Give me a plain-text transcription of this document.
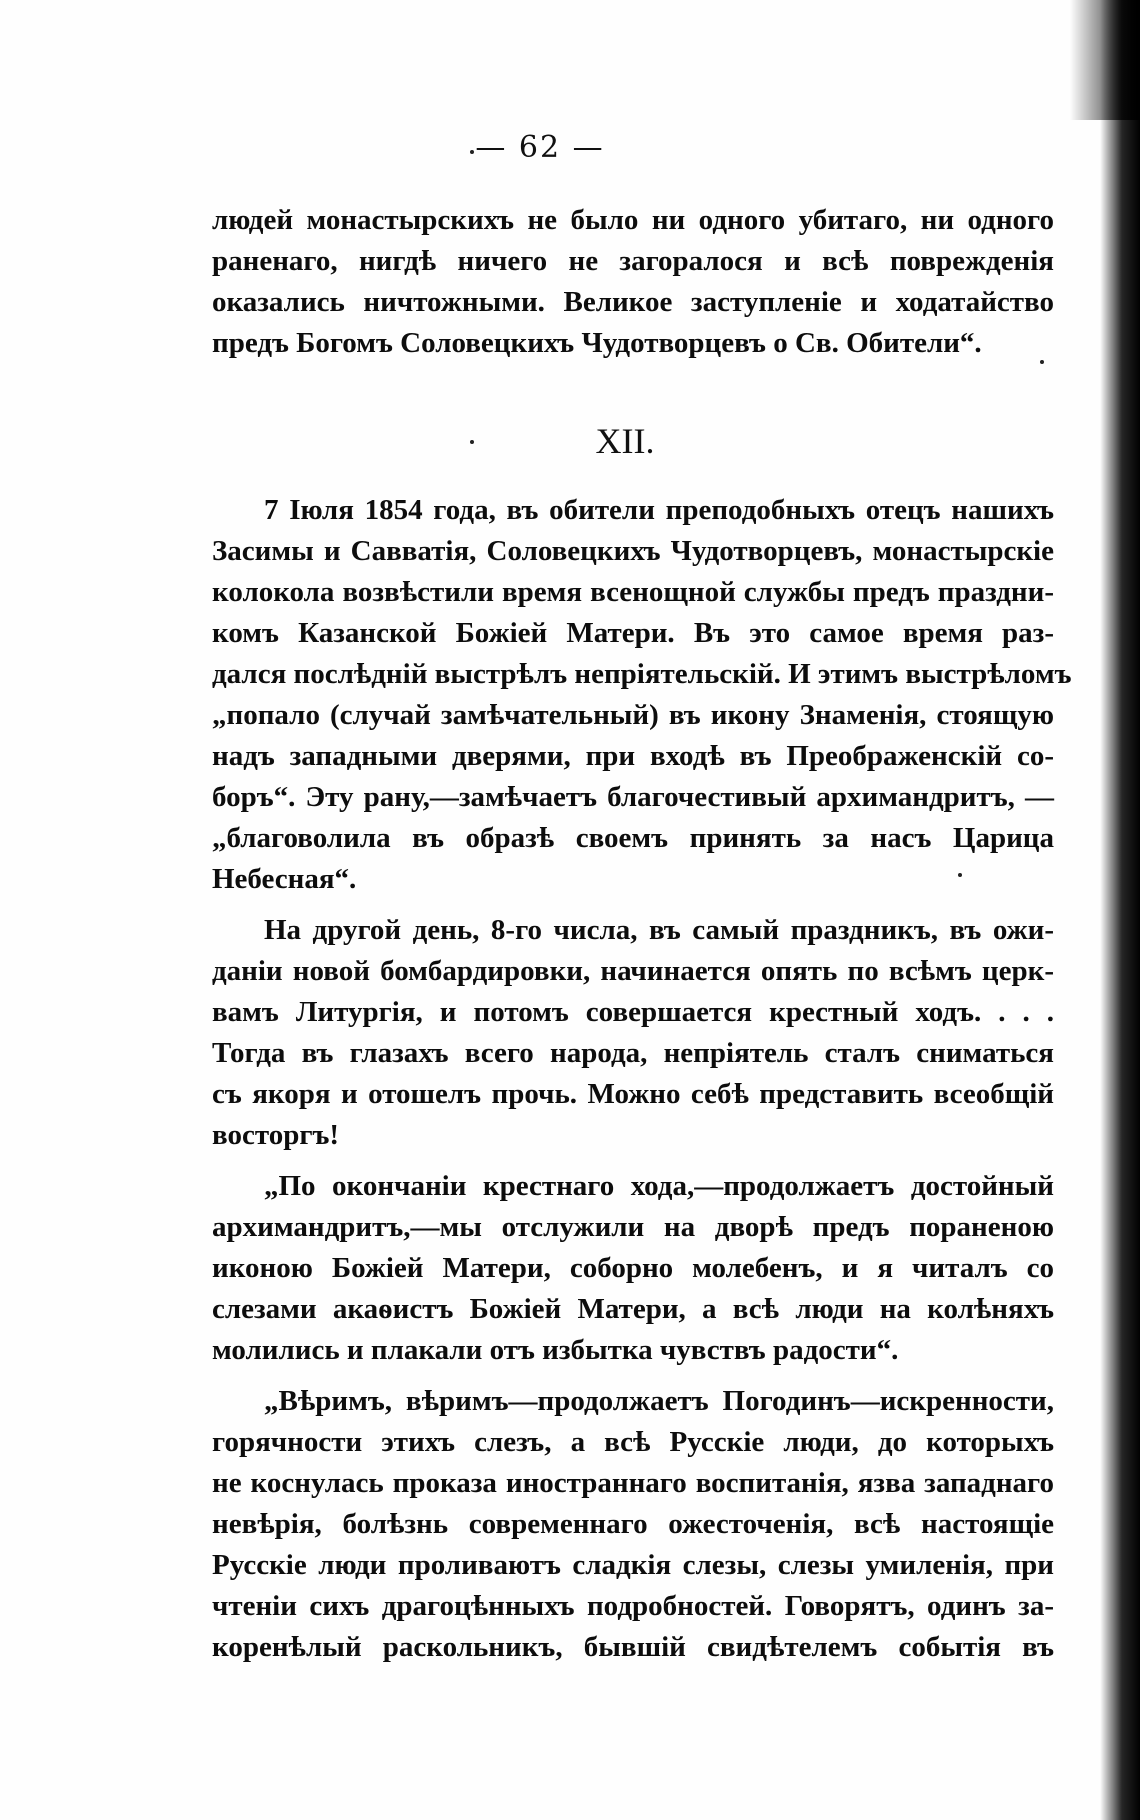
— 62 —
людей монастырскихъ не было ни одного убитаго, ни одного
раненаго, нигдѣ ничего не загоралося и всѣ поврежденія
оказались ничтожными. Великое заступленіе и ходатайство
предъ Богомъ Соловецкихъ Чудотворцевъ о Св. Обители“.
XII.
7 Іюля 1854 года, въ обители преподобныхъ отецъ нашихъ
Засимы и Савватія, Соловецкихъ Чудотворцевъ, монастырскіе
колокола возвѣстили время всенощной службы предъ праздни-
комъ Казанской Божіей Матери. Въ это самое время раз-
дался послѣдній выстрѣлъ непріятельскій. И этимъ выстрѣломъ
„попало (случай замѣчательный) въ икону Знаменія, стоящую
надъ западными дверями, при входѣ въ Преображенскій со-
боръ“. Эту рану,—замѣчаетъ благочестивый архимандритъ, —
„благоволила въ образѣ своемъ принять за насъ Царица
Небесная“.
На другой день, 8-го числа, въ самый праздникъ, въ ожи-
даніи новой бомбардировки, начинается опять по всѣмъ церк-
вамъ Литургія, и потомъ совершается крестный ходъ. . . .
Тогда въ глазахъ всего народа, непріятель сталъ сниматься
съ якоря и отошелъ прочь. Можно себѣ представить всеобщій
восторгъ!
„По окончаніи крестнаго хода,—продолжаетъ достойный
архимандритъ,—мы отслужили на дворѣ предъ пораненою
иконою Божіей Матери, соборно молебенъ, и я читалъ со
слезами акаѳистъ Божіей Матери, а всѣ люди на колѣняхъ
молились и плакали отъ избытка чувствъ радости“.
„Вѣримъ, вѣримъ—продолжаетъ Погодинъ—искренности,
горячности этихъ слезъ, а всѣ Русскіе люди, до которыхъ
не коснулась проказа иностраннаго воспитанія, язва западнаго
невѣрія, болѣзнь современнаго ожесточенія, всѣ настоящіе
Русскіе люди проливаютъ сладкія слезы, слезы умиленія, при
чтеніи сихъ драгоцѣнныхъ подробностей. Говорятъ, одинъ за-
коренѣлый раскольникъ, бывшій свидѣтелемъ событія въ
